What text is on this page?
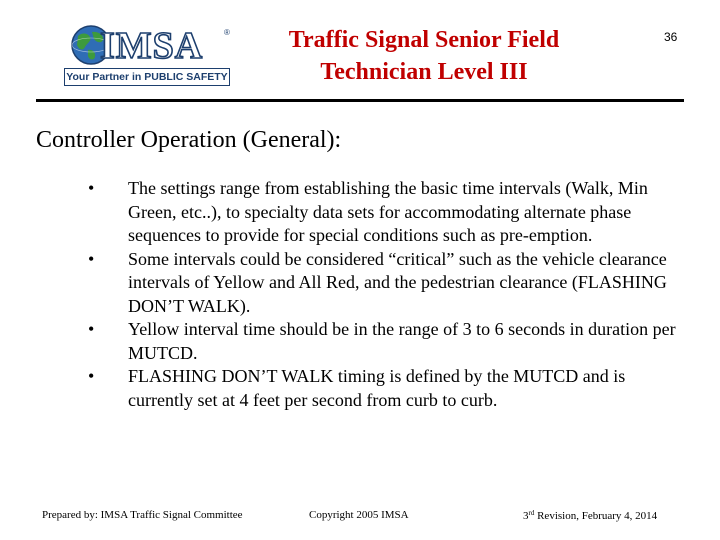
IMSA	®
Your Partner in PUBLIC SAFETY
Traffic Signal Senior Field Technician Level III
36
Controller Operation (General):
• The settings range from establishing the basic time intervals (Walk, Min Green, etc..), to specialty data sets for accommodating alternate phase sequences to provide for special conditions such as pre-emption.
• Some intervals could be considered “critical” such as the vehicle clearance intervals of Yellow and All Red, and the pedestrian clearance (FLASHING DON’T WALK).
• Yellow interval time should be in the range of 3 to 6 seconds in duration per MUTCD.
• FLASHING DON’T WALK timing is defined by the MUTCD and is currently set at 4 feet per second from curb to curb.
Prepared by: IMSA Traffic Signal Committee	Copyright 2005 IMSA	3rd Revision, February 4, 2014
